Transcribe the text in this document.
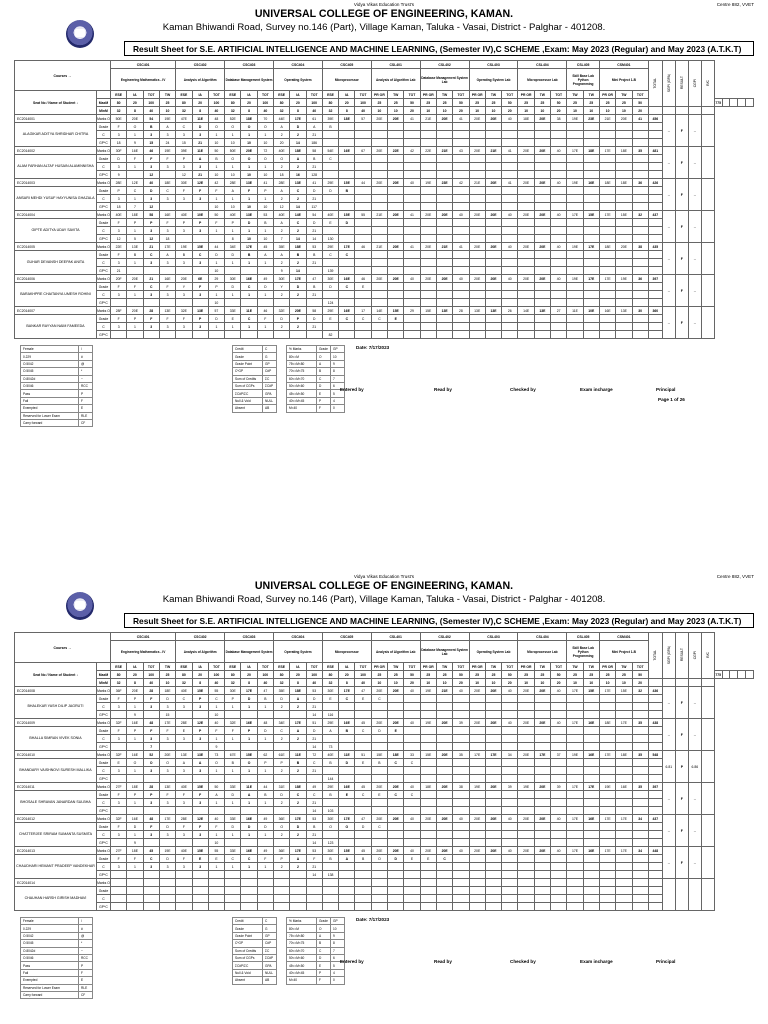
Vidya Vikas Education Trust's	Centre 882, VVET
UNIVERSAL COLLEGE OF ENGINEERING, KAMAN.
Kaman Bhiwandi Road, Survey no.146 (Part), Village Kaman, Taluka - Vasai, District - Palghar - 401208.
Result Sheet for S.E. ARTIFICIAL INTELLIGENCE AND MACHINE LEARNING, (Semester IV),C SCHEME ,Exam: May 2023 (Regular) and May 2023 (A.T.K.T)
Courses →		CSC401				CSC402			CSC403			CSC404			CSC405			CSL401			CSL402			CSL403			CSL404			CSL405		CSM401			TOTAL	SGPI (GPA)	RESULT	CGPI	R/C					
		Engineering Mathematics - IV				Analysis of Algorithm			Database Management System			Operating System			Microprocessor			Analysis of Algorithm Lab			Database Management System Lab			Operating System Lab			Microprocessor Lab			Skill Base Lab Python Programming		Mini Project 1-B												
Seat No / Name of Student ↓		ESE	IA	TOT	TW	ESE	IA	TOT	ESE	IA	TOT	ESE	IA	TOT	ESE	IA	TOT	PR OR	TW	TOT	PR OR	TW	TOT	PR OR	TW	TOT	PR OR	TW	TOT	TW	TW	PR OR	TW	TOT										
	MaxM	80	20	100	25	80	20	100	80	20	100	80	20	100	80	20	100	25	25	50	25	25	50	25	25	50	25	25	50	25	25	25	25	50						775				
	MinM	32	8	40	10	32	8	40	32	8	40	32	8	40	32	8	40	10	10	20	10	10	20	10	10	20	10	10	20	10	10	10	10	20										
EC2014001	Marks O	50E	20E	54	19E	47E	11E	48	52E	18E	70	44E	17E	61	39E	18E	57	20E	20E	41	21E	20E	41	20E	20E	40	18E	20E	38	19E	23E	21E	20E	41	456	--	F	--						
ALAGIKAR ADITYA SHRIDHAR CHITRA	Grade	F	O	B	A	C	D	O	O	O	O	A	D	A	B																													
	C	3	1	3	3	3	3	1	1	1	1	2	2	21																														
	GP*C	18	9	15	24	15	21	10	10	10	10	20	14	186																														
EC2014002	Marks O	30F	16E	46	19E	39E	11E	50	50E	20E	72	40E	18E	58	54E	16E	67	20E	22E	42	22E	21E	43	20E	21E	41	20E	20E	40	17E	18E	17E	18E	35	481	--	F	--						
ALAM FARHAN ALTAF HUSAIN ALAMINNISHA	Grade	D	F	F	F	P	A	B	O	O	O	O	A	B	C																													
	C	3	1	3	3	3	3	1	1	1	1	2	2	21																														
	GP*C	9		12		12	21	10	10	10	10	18	16	128																														
EC2014003	Marks O	28E	12E	40	18E	30E	12E	42	28E	13E	41	28E	13E	41	29E	15E	44	20E	20E	40	19E	23E	42	21E	20E	41	20E	20E	40	19E	16E	18E	18E	36	426	--	F	--						
ANSARI MEHDI YUSUF HAYYUNISA GHAZALA	Grade	P	C	D	C	F	F	F	A	F	P	A	C	D	D	B																												
	C	3	1	3	3	3	3	1	1	1	1	2	2	21																														
	GP*C	18	7	12				10	10	10	10	12	14	117																														
EC2014004	Marks O	40E	18E	58	16E	40E	10E	50	40E	13E	53	40E	14E	54	40E	15E	55	21E	20E	41	20E	20E	40	20E	20E	40	20E	20E	40	17E	15E	17E	15E	32	437	--	F	--						
GIPTE ADITYA UDAY SAVITA	Grade	F	P	P	F	P	P	F	P	D	B	A	C	D	E	D																												
	C	3	1	3	3	3	3	1	1	1	1	2	2	21																														
	GP*C	12	5	12	18				8	10	10	7	14	14	130																													
EC2014005	Marks O	22E	13E	21	17E	19E	15E	44	34E	17E	45	35E	18E	53	29E	17E	46	21E	20E	41	20E	21E	41	20E	20E	40	20E	20E	40	19E	17E	18E	20E	38	435	--	F	--						
GUHAR DEVANSH DEEPAK ANITA	Grade	F	B	C	A	B	C	D	D	B	A	A	B	B	C	C																												
	C	3	1	3	3	3	3	1	1	1	1	2	2	21																														
	GP*C	21						10				9	14		139																													
EC2014006	Marks O	20F	20E	21	16E	20E	6E	29	30E	16E	49	30E	17E	47	30E	16E	46	20E	20E	40	20E	20E	40	20E	20E	40	20E	20E	40	19E	17E	17E	19E	36	397	--	F	--						
BARAKHPRE CHAITANYA UMESH ROHINI	Grade	F	F	C	F	Y	F	P	D	C	D	Y	D	B	D	C	E																											
	C	3	1	3	3	3	3	1	1	1	1	2	2	21																														
	GP*C							10							124																													
EC2014007	Marks O	28F	20E	28	13E	32E	13E	57	33E	11E	46	32E	20E	58	29E	16E	17	14E	15E	29	15E	13E	28	13E	13E	26	14E	13E	27	11E	10E	16E	13E	30	360	--	F	--						
BANKAR RAYYAN NAIM FAMEEDA	Grade	F	P	F	F	F	P	D	E	C	F	D	P	D	E	C	C	C	E																									
	C	3	1	3	3	3	3	1	1	1	1	2	2	21																														
	GP*C														82																													
Female	/
0.229	#
O.5042	@
O.5045	*
O.8042d	~
O.5046	RCC
Pass	P
Fail	F
Exempted	E
Reserved for Lower Exam	RLE
Carry forward	CF
Credit	C
Grade	G
Grade Point	GP
C*GP	C#P
Sum of Credits	ΣC
Sum of CGPs	ΣC#P
ΣC#P/ΣC	GPA
Null & Void	NULL
Absent	AB
% Marks	Grade	GP
80<=M	O	10
75<=M<80	A	9
70<=M<75	B	8
60<=M<70	C	7
50<=M<60	D	6
45<=M<50	E	5
40<=M<45	P	4
M<40	F	0
Date: 7/17/2023
Entered by	Read by	Checked by	Exam incharge	Principal
Page 1 of 26
Vidya Vikas Education Trust's	Centre 882, VVET
UNIVERSAL COLLEGE OF ENGINEERING, KAMAN.
Kaman Bhiwandi Road, Survey no.146 (Part), Village Kaman, Taluka - Vasai, District - Palghar - 401208.
Result Sheet for S.E. ARTIFICIAL INTELLIGENCE AND MACHINE LEARNING, (Semester IV),C SCHEME ,Exam: May 2023 (Regular) and May 2023 (A.T.K.T)
Courses →		CSC401				CSC402			CSC403			CSC404			CSC405			CSL401			CSL402			CSL403			CSL404			CSL405		CSM401			TOTAL	SGPI (GPA)	RESULT	CGPI	R/C					
		Engineering Mathematics - IV				Analysis of Algorithm			Database Management System			Operating System			Microprocessor			Analysis of Algorithm Lab			Database Management System Lab			Operating System Lab			Microprocessor Lab			Skill Base Lab Python Programming		Mini Project 1-B												
Seat No / Name of Student ↓		ESE	IA	TOT	TW	ESE	IA	TOT	ESE	IA	TOT	ESE	IA	TOT	ESE	IA	TOT	PR OR	TW	TOT	PR OR	TW	TOT	PR OR	TW	TOT	PR OR	TW	TOT	TW	TW	PR OR	TW	TOT										
	MaxM	80	20	100	25	80	20	100	80	20	100	80	20	100	80	20	100	25	25	50	25	25	50	25	25	50	25	25	50	25	25	25	25	50						775				
	MinM	32	8	40	10	32	8	40	32	8	40	32	8	40	32	8	40	10	10	20	10	10	20	10	10	20	10	10	20	10	10	10	10	20										
EC2014008	Marks O	36F	20E	28	18E	40E	15E	55	30E	17E	47	35E	18E	53	30E	17E	47	20E	20E	40	19E	21E	40	20E	20E	40	20E	20E	40	17E	15E	17E	15E	32	436	--	F	--						
BHALEKAR YASH DILIP JAGRUTI	Grade	F	P	F	D	C	P	C	P	D	B	D	A	D	E	C	E	C																										
	C	3	1	3	3	3	3	1	1	1	1	2	2	21																														
	GP*C		9		15			10						14	116																													
EC2014009	Marks O	32F	16E	48	17E	28E	12E	40	32E	16E	48	34E	17E	51	29E	16E	45	20E	20E	40	19E	20E	39	20E	20E	40	20E	20E	40	17E	16E	18E	17E	35	438	--	F	--						
BHALLA SIMRAN VIVEK SONIA	Grade	F	P	F	F	E	P	F	F	P	D	C	A	D	A	B	C	D	E																									
	C	3	1	3	3	3	3	1	1	1	1	2	2	21																														
	GP*C			7				9						14	73																													
EC2014010	Marks O	32F	16E	52	20E	13E	13E	73	67E	15E	62	61E	11E	72	40E	11E	51	15E	18E	33	15E	20E	35	17E	17E	34	20E	17E	37	19E	16E	17E	18E	35	548	6.81	P	6.86						
BHANDARY VAISHNOVI SURESH MALLIKA	Grade	E	O	O	O	A	A	O	B	O	P	P	B	C	B	D	E	B	C	C																								
	C	3	1	3	3	3	3	1	1	1	1	2	2	21																														
	GP*C														144																													
EC2014011	Marks O	27F	18E	28	13E	40E	15E	50	33E	11E	44	31E	18E	49	29E	16E	45	20E	20E	40	18E	20E	38	19E	20E	39	19E	20E	39	17E	17E	19E	16E	35	397	--	F	--						
BHOSALE SHRAVAN JANARDAN SULBHA	Grade	F	P	P	F	F	F	A	D	A	B	D	C	C	B	E	C	E	C	C																								
	C	3	1	3	3	3	3	1	1	1	1	2	2	21																														
	GP*C													14	103																													
EC2014012	Marks O	32F	16E	48	17E	28E	12E	40	33E	16E	49	36E	17E	53	30E	17E	47	20E	20E	40	20E	20E	40	20E	20E	40	20E	20E	40	17E	16E	17E	17E	34	437	--	F	--						
CHATTERJEE SRIRAM SUMANTA SUSMITA	Grade	F	D	F	D	F	F	F	D	D	D	O	D	B	O	O	D	C																										
	C	3	1	3	3	3	3	1	1	1	1	2	2	21																														
	GP*C		9					10						14	123																													
EC2014013	Marks O	27F	18E	45	19E	40E	15E	55	33E	16E	49	36E	17E	53	30E	15E	45	20E	20E	40	20E	20E	40	20E	20E	40	20E	20E	40	17E	16E	17E	17E	34	448	--	F	--						
CHAUDHARI HEMANT PRADEEP VANDEKHAR	Grade	F	F	C	D	F	E	E	C	C	F	P	A	F	B	A	B	O	D	E	E	C																						
	C	3	1	3	3	3	3	1	1	1	1	2	2	21																														
	GP*C													14	138																													
EC2014014	Marks O																																											
CHAUHAN HARSH GIRISH MADHAVI	Grade																																											
	C																																											
	GP*C																																											
Female	/
0.229	#
O.5042	@
O.5045	*
O.8042d	~
O.5046	RCC
Pass	P
Fail	F
Exempted	E
Reserved for Lower Exam	RLE
Carry forward	CF
Credit	C
Grade	G
Grade Point	GP
C*GP	C#P
Sum of Credits	ΣC
Sum of CGPs	ΣC#P
ΣC#P/ΣC	GPA
Null & Void	NULL
Absent	AB
% Marks	Grade	GP
80<=M	O	10
75<=M<80	A	9
70<=M<75	B	8
60<=M<70	C	7
50<=M<60	D	6
45<=M<50	E	5
40<=M<45	P	4
M<40	F	0
Date: 7/17/2023
Entered by	Read by	Checked by	Exam incharge	Principal
